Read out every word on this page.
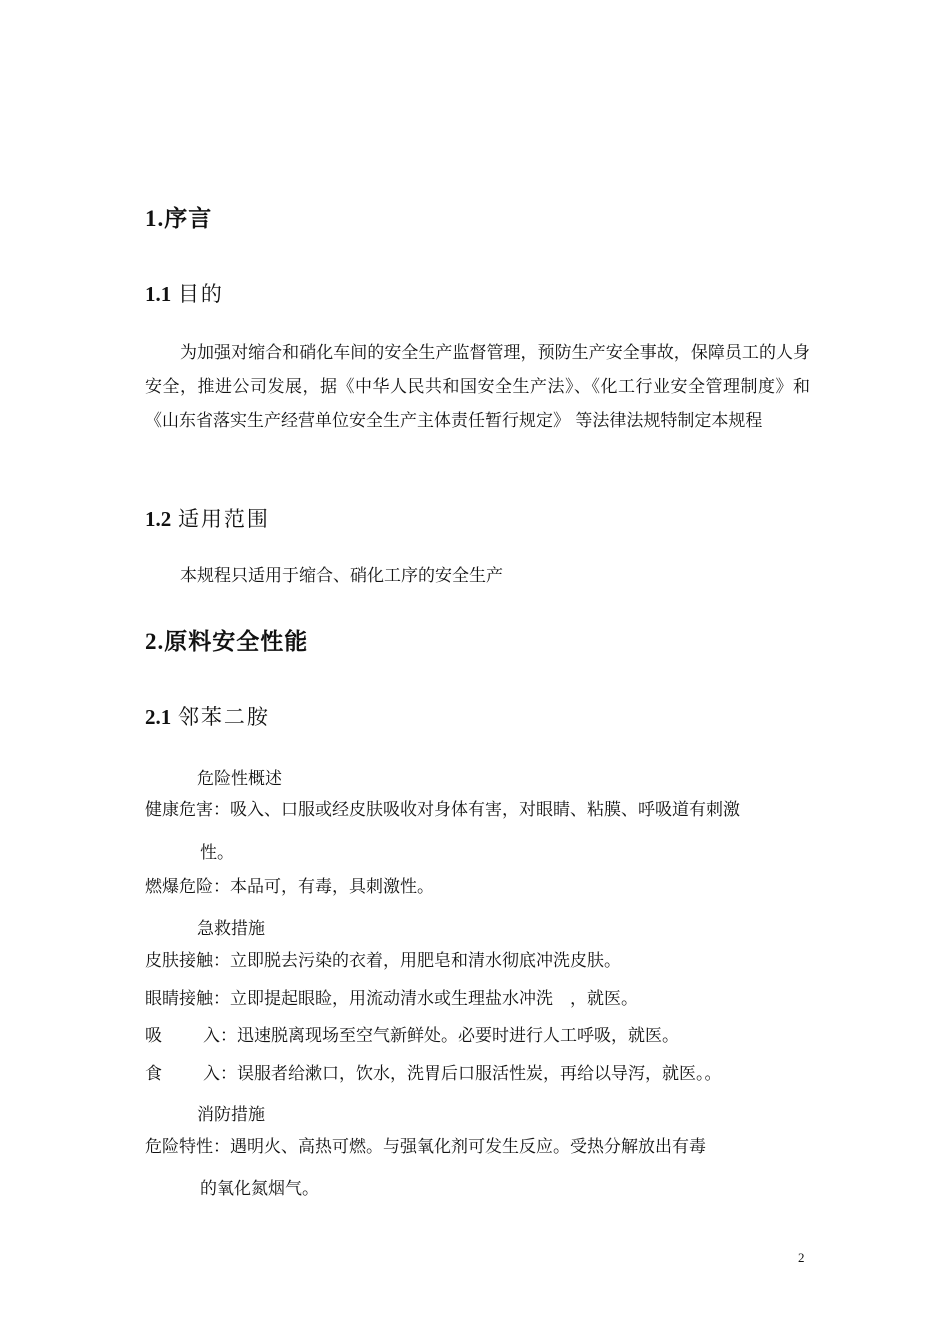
1.序言
1.1 目的
为加强对缩合和硝化车间的安全生产监督管理，预防生产安全事故，保障员工的人身安全，推进公司发展，据《中华人民共和国安全生产法》、《化工行业安全管理制度》和《山东省落实生产经营单位安全生产主体责任暂行规定》 等法律法规特制定本规程
1.2 适用范围
本规程只适用于缩合、硝化工序的安全生产
2.原料安全性能
2.1 邻苯二胺
危险性概述
健康危害：吸入、口服或经皮肤吸收对身体有害，对眼睛、粘膜、呼吸道有刺激
性。
燃爆危险：本品可，有毒，具刺激性。
急救措施
皮肤接触：立即脱去污染的衣着，用肥皂和清水彻底冲洗皮肤。
眼睛接触：立即提起眼睑，用流动清水或生理盐水冲洗　，就医。
吸 入：迅速脱离现场至空气新鲜处。必要时进行人工呼吸，就医。
食 入：误服者给漱口，饮水，洗胃后口服活性炭，再给以导泻，就医。。
消防措施
危险特性：遇明火、高热可燃。与强氧化剂可发生反应。受热分解放出有毒
的氧化氮烟气。
2
